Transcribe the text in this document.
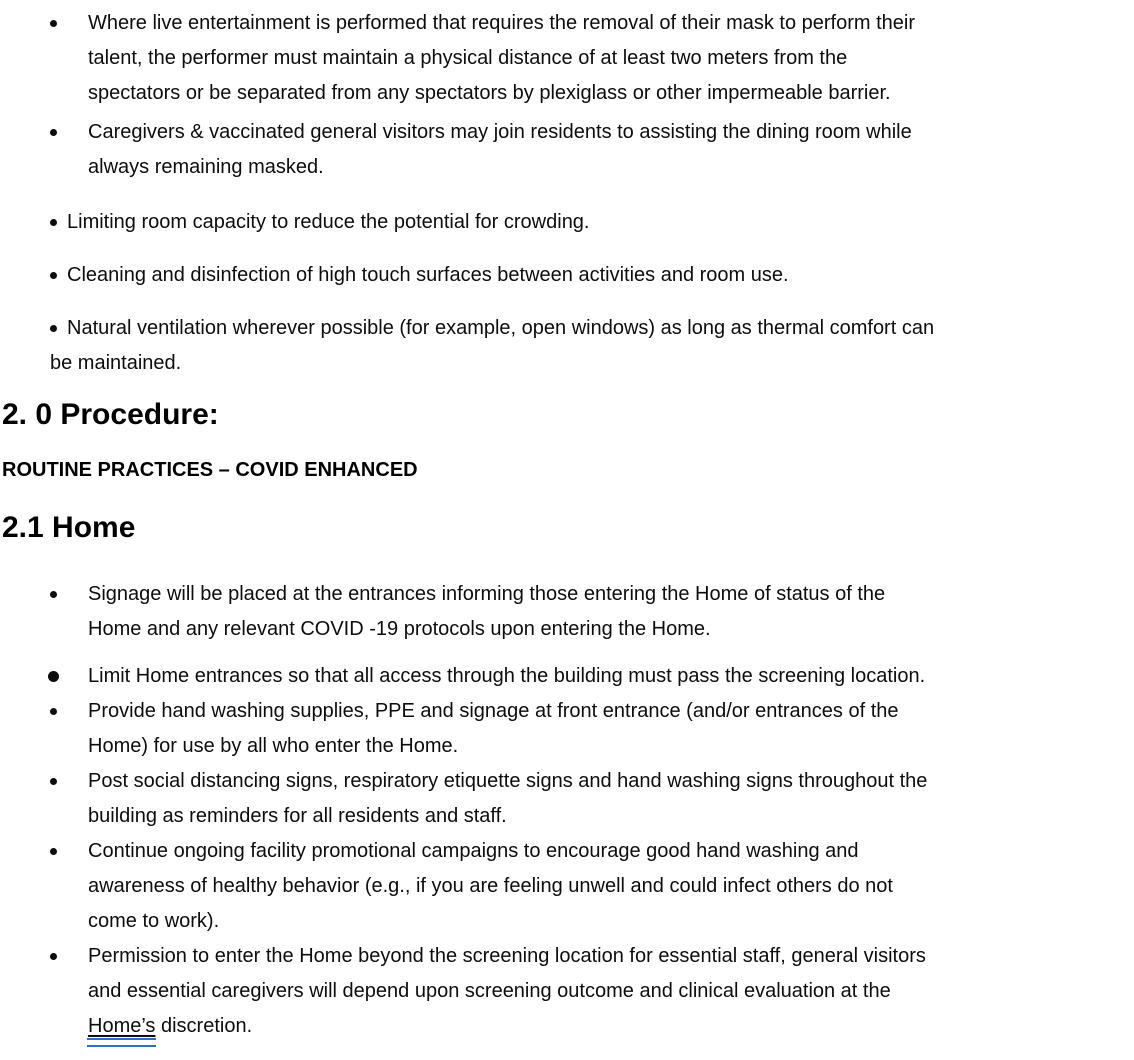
Where live entertainment is performed that requires the removal of their mask to perform their talent, the performer must maintain a physical distance of at least two meters from the spectators or be separated from any spectators by plexiglass or other impermeable barrier.
Caregivers & vaccinated general visitors may join residents to assisting the dining room while always remaining masked.

Limiting room capacity to reduce the potential for crowding.

Cleaning and disinfection of high touch surfaces between activities and room use.

Natural ventilation wherever possible (for example, open windows) as long as thermal comfort can be maintained.

2. 0 Procedure:
ROUTINE PRACTICES – COVID ENHANCED
2.1 Home
Signage will be placed at the entrances informing those entering the Home of status of the Home and any relevant COVID -19 protocols upon entering the Home.
Limit Home entrances so that all access through the building must pass the screening location.
Provide hand washing supplies, PPE and signage at front entrance (and/or entrances of the Home) for use by all who enter the Home.
Post social distancing signs, respiratory etiquette signs and hand washing signs throughout the building as reminders for all residents and staff.
Continue ongoing facility promotional campaigns to encourage good hand washing and awareness of healthy behavior (e.g., if you are feeling unwell and could infect others do not come to work).
Permission to enter the Home beyond the screening location for essential staff, general visitors and essential caregivers will depend upon screening outcome and clinical evaluation at the Home’s discretion.
